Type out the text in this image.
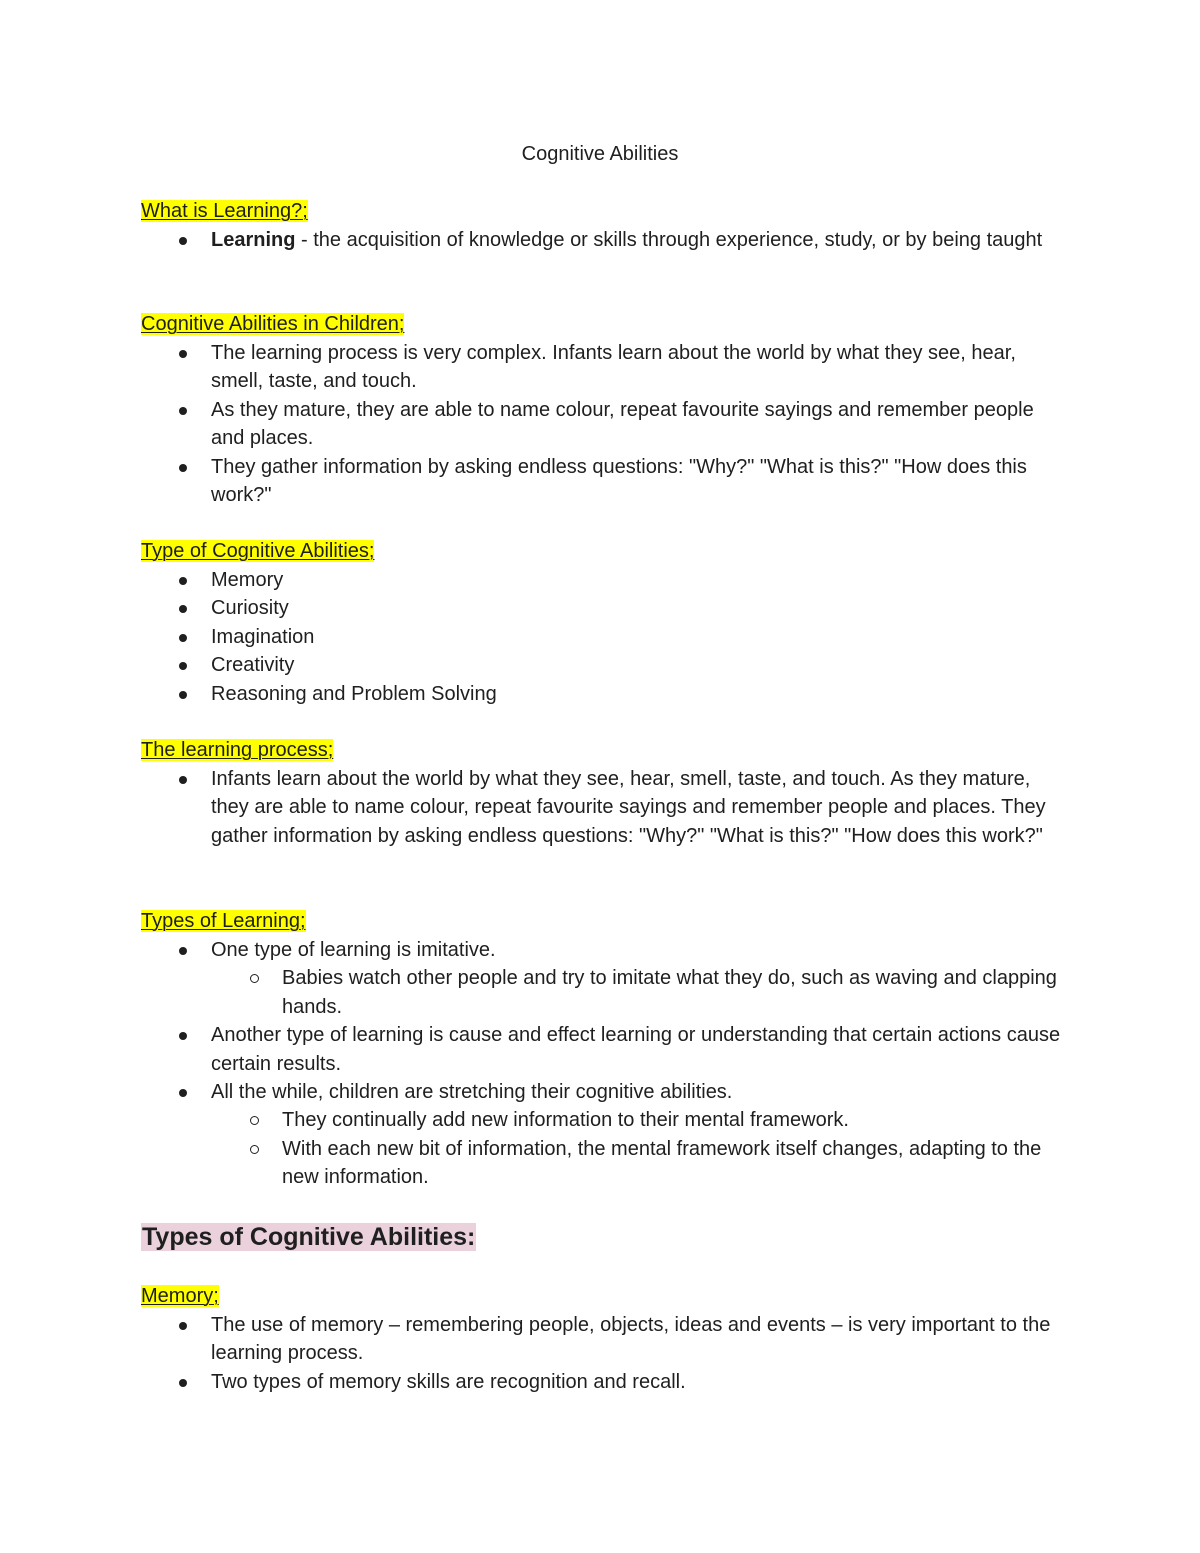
Cognitive Abilities
What is Learning?;
Learning - the acquisition of knowledge or skills through experience, study, or by being taught
Cognitive Abilities in Children;
The learning process is very complex. Infants learn about the world by what they see, hear, smell, taste, and touch.
As they mature, they are able to name colour, repeat favourite sayings and remember people and places.
They gather information by asking endless questions: "Why?" "What is this?" "How does this work?"
Type of Cognitive Abilities;
Memory
Curiosity
Imagination
Creativity
Reasoning and Problem Solving
The learning process;
Infants learn about the world by what they see, hear, smell, taste, and touch. As they mature, they are able to name colour, repeat favourite sayings and remember people and places. They gather information by asking endless questions: "Why?" "What is this?" "How does this work?"
Types of Learning;
One type of learning is imitative.
Babies watch other people and try to imitate what they do, such as waving and clapping hands.
Another type of learning is cause and effect learning or understanding that certain actions cause certain results.
All the while, children are stretching their cognitive abilities.
They continually add new information to their mental framework.
With each new bit of information, the mental framework itself changes, adapting to the new information.
Types of Cognitive Abilities:
Memory;
The use of memory – remembering people, objects, ideas and events – is very important to the learning process.
Two types of memory skills are recognition and recall.
